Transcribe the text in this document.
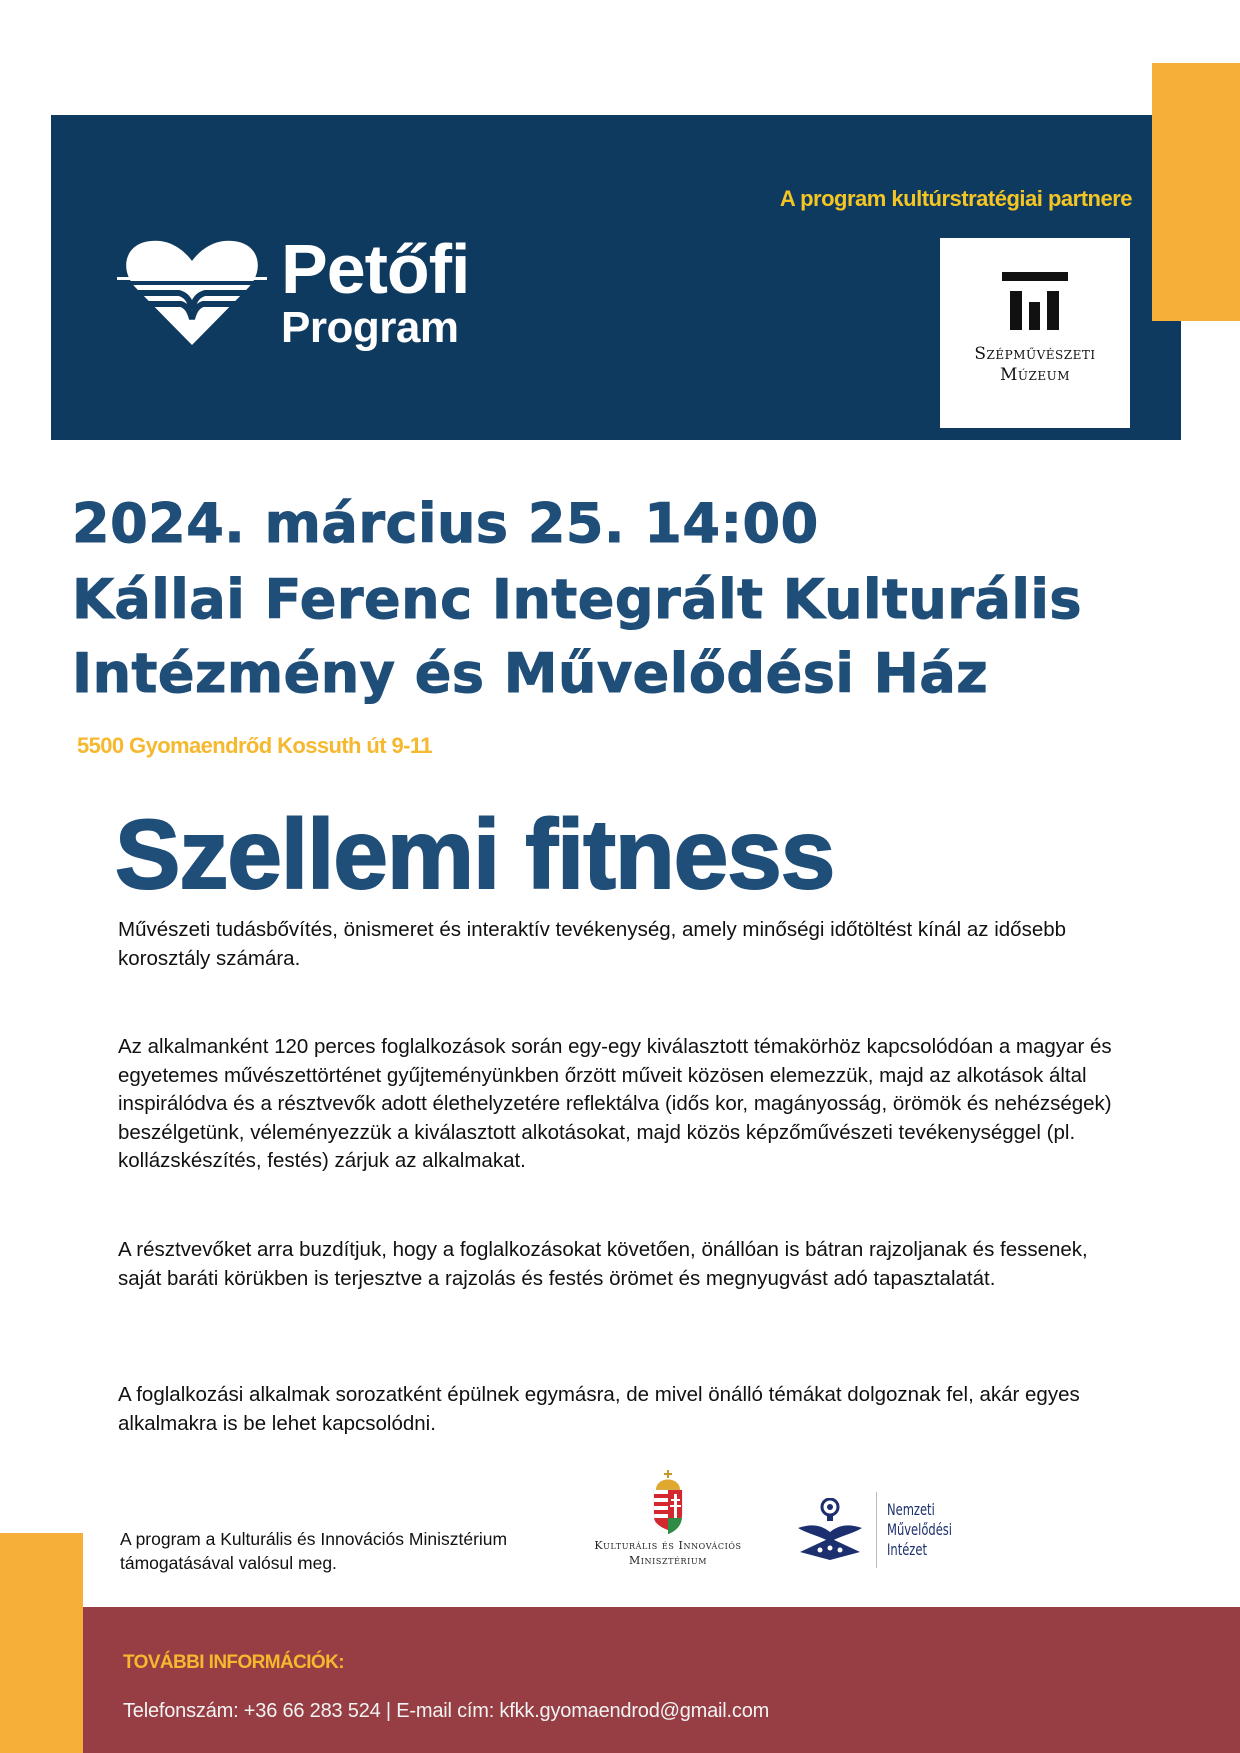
Petőfi
Program
A program kultúrstratégiai partnere
Szépművészeti
Múzeum
2024. március 25. 14:00
Kállai Ferenc Integrált Kulturális
Intézmény és Művelődési Ház
5500 Gyomaendrőd Kossuth út 9-11
Szellemi fitness
Művészeti tudásbővítés, önismeret és interaktív tevékenység, amely minőségi időtöltést kínál az idősebb korosztály számára.
Az alkalmanként 120 perces foglalkozások során egy-egy kiválasztott témakörhöz kapcsolódóan a magyar és egyetemes művészettörténet gyűjteményünkben őrzött műveit közösen elemezzük, majd az alkotások által inspirálódva és a résztvevők adott élethelyzetére reflektálva (idős kor, magányosság, örömök és nehézségek) beszélgetünk, véleményezzük a kiválasztott alkotásokat, majd közös képzőművészeti tevékenységgel (pl. kollázskészítés, festés) zárjuk az alkalmakat.
A résztvevőket arra buzdítjuk, hogy a foglalkozásokat követően, önállóan is bátran rajzoljanak és fessenek, saját baráti körükben is terjesztve a rajzolás és festés örömet és megnyugvást adó tapasztalatát.
A foglalkozási alkalmak sorozatként épülnek egymásra, de mivel önálló témákat dolgoznak fel, akár egyes alkalmakra is be lehet kapcsolódni.
A program a Kulturális és Innovációs Minisztérium támogatásával valósul meg.
Kulturális és Innovációs
Minisztérium
Nemzeti
Művelődési
Intézet
TOVÁBBI INFORMÁCIÓK:
Telefonszám: +36 66 283 524 | E-mail cím: kfkk.gyomaendrod@gmail.com
